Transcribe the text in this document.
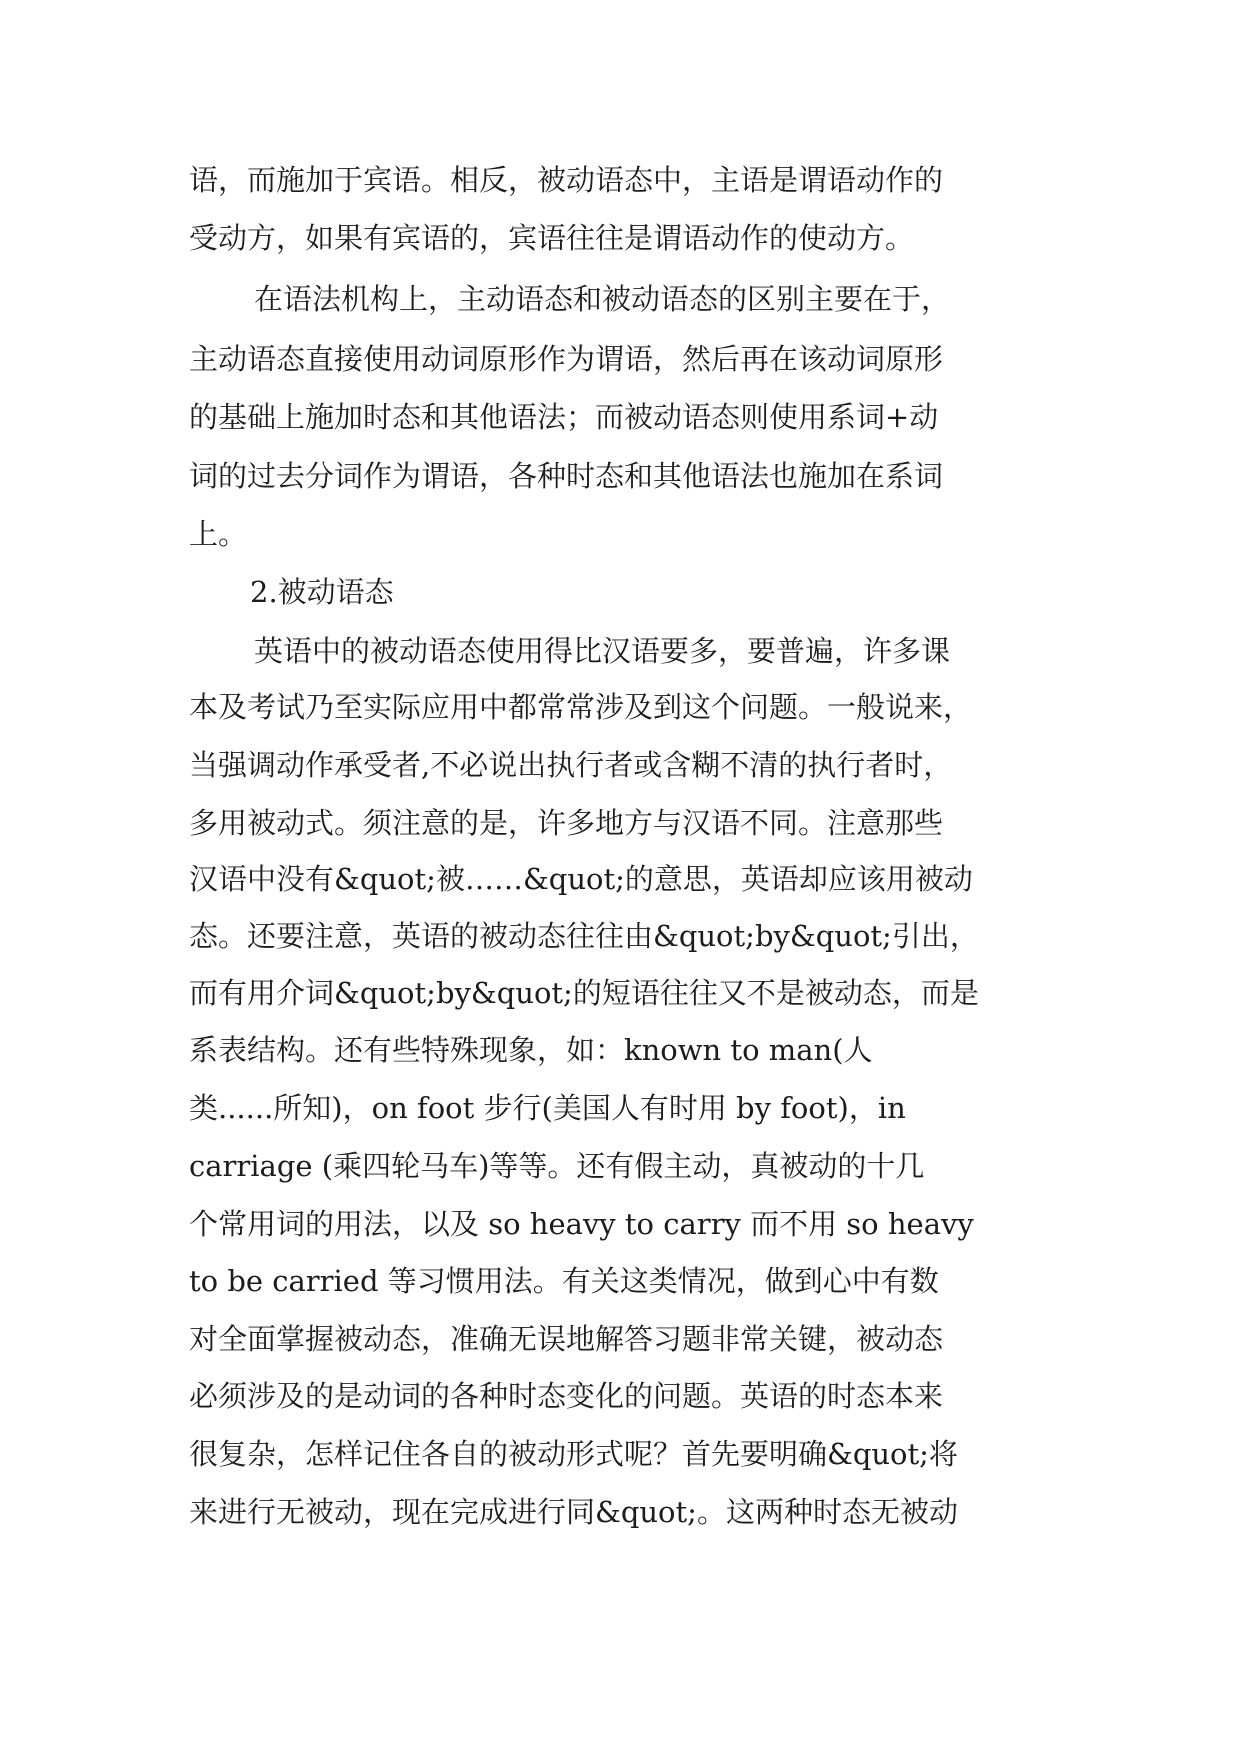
语，而施加于宾语。相反，被动语态中，主语是谓语动作的
受动方，如果有宾语的，宾语往往是谓语动作的使动方。
在语法机构上，主动语态和被动语态的区别主要在于，
主动语态直接使用动词原形作为谓语，然后再在该动词原形
的基础上施加时态和其他语法；而被动语态则使用系词+动
词的过去分词作为谓语，各种时态和其他语法也施加在系词
上。
2.被动语态
英语中的被动语态使用得比汉语要多，要普遍，许多课
本及考试乃至实际应用中都常常涉及到这个问题。一般说来，
当强调动作承受者,不必说出执行者或含糊不清的执行者时，
多用被动式。须注意的是，许多地方与汉语不同。注意那些
汉语中没有&quot;被……&quot;的意思，英语却应该用被动
态。还要注意，英语的被动态往往由&quot;by&quot;引出，
而有用介词&quot;by&quot;的短语往往又不是被动态，而是
系表结构。还有些特殊现象，如：known to man(人
类......所知)，on foot 步行(美国人有时用 by foot)，in
carriage (乘四轮马车)等等。还有假主动，真被动的十几
个常用词的用法，以及 so heavy to carry 而不用 so heavy
to be carried 等习惯用法。有关这类情况，做到心中有数
对全面掌握被动态，准确无误地解答习题非常关键，被动态
必须涉及的是动词的各种时态变化的问题。英语的时态本来
很复杂，怎样记住各自的被动形式呢？首先要明确&quot;将
来进行无被动，现在完成进行同&quot;。这两种时态无被动
